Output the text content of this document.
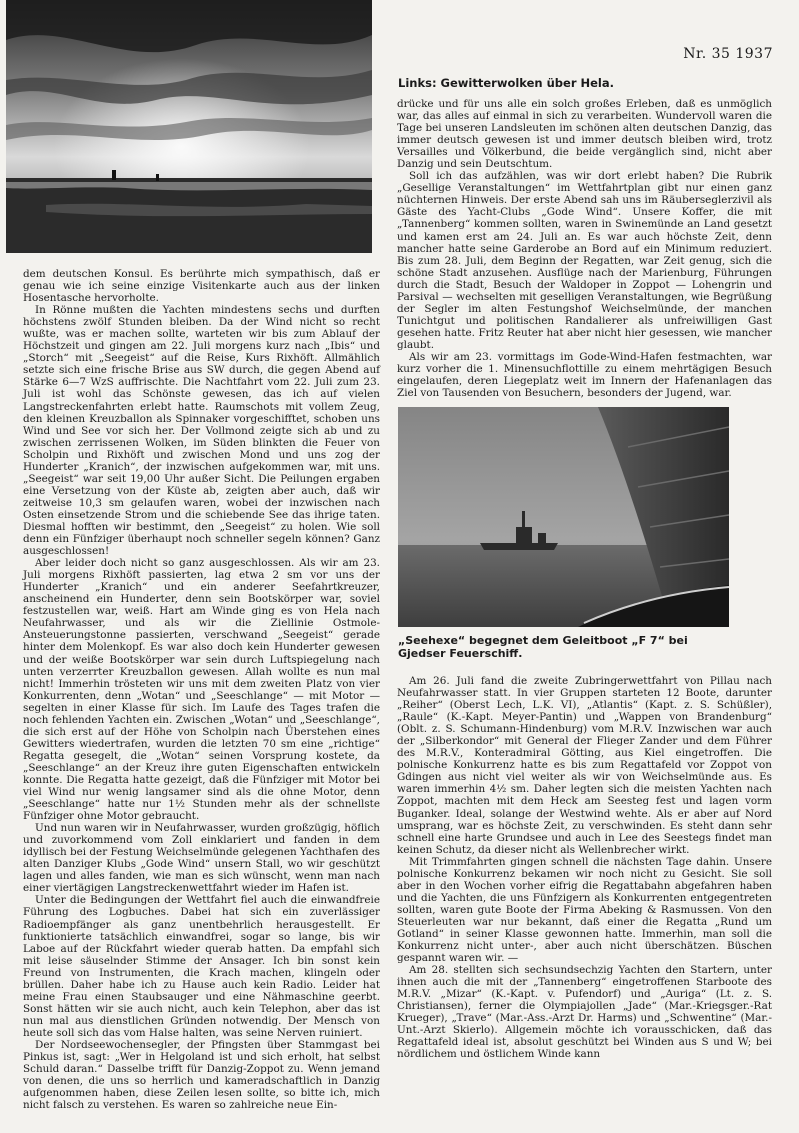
Nr. 35 1937
Links: Gewitterwolken über Hela.

drücke und für uns alle ein solch großes Erleben, daß es unmöglich war, das alles auf einmal in sich zu verarbeiten. Wundervoll waren die Tage bei unseren Landsleuten im schönen alten deutschen Danzig, das immer deutsch gewesen ist und immer deutsch bleiben wird, trotz Versailles und Völkerbund, die beide vergänglich sind, nicht aber Danzig und sein Deutschtum.

Soll ich das aufzählen, was wir dort erlebt haben? Die Rubrik „Gesellige Veranstaltungen“ im Wettfahrtplan gibt nur einen ganz nüchternen Hinweis. Der erste Abend sah uns im Räuberseglerzivil als Gäste des Yacht-Clubs „Gode Wind“. Unsere Koffer, die mit „Tannenberg“ kommen sollten, waren in Swinemünde an Land gesetzt und kamen erst am 24. Juli an. Es war auch höchste Zeit, denn mancher hatte seine Garderobe an Bord auf ein Minimum reduziert. Bis zum 28. Juli, dem Beginn der Regatten, war Zeit genug, sich die schöne Stadt anzusehen. Ausflüge nach der Marienburg, Führungen durch die Stadt, Besuch der Waldoper in Zoppot — Lohengrin und Parsival — wechselten mit geselligen Veranstaltungen, wie Begrüßung der Segler im alten Festungshof Weichselmünde, der manchen Tunichtgut und politischen Randalierer als unfreiwilligen Gast gesehen hatte. Fritz Reuter hat aber nicht hier gesessen, wie mancher glaubt.

Als wir am 23. vormittags im Gode-Wind-Hafen festmachten, war kurz vorher die 1. Minensuchflottille zu einem mehrtägigen Besuch eingelaufen, deren Liegeplatz weit im Innern der Hafenanlagen das Ziel von Tausenden von Besuchern, besonders der Jugend, war.

dem deutschen Konsul. Es berührte mich sympathisch, daß er genau wie ich seine einzige Visitenkarte auch aus der linken Hosentasche hervorholte.

In Rönne mußten die Yachten mindestens sechs und durften höchstens zwölf Stunden bleiben. Da der Wind nicht so recht wußte, was er machen sollte, warteten wir bis zum Ablauf der Höchstzeit und gingen am 22. Juli morgens kurz nach „Ibis“ und „Storch“ mit „Seegeist“ auf die Reise, Kurs Rixhöft. Allmählich setzte sich eine frische Brise aus SW durch, die gegen Abend auf Stärke 6—7 WzS auffrischte. Die Nachtfahrt vom 22. Juli zum 23. Juli ist wohl das Schönste gewesen, das ich auf vielen Langstreckenfahrten erlebt hatte. Raumschots mit vollem Zeug, den kleinen Kreuzballon als Spinnaker vorgeschifftet, schoben uns Wind und See vor sich her. Der Vollmond zeigte sich ab und zu zwischen zerrissenen Wolken, im Süden blinkten die Feuer von Scholpin und Rixhöft und zwischen Mond und uns zog der Hunderter „Kranich“, der inzwischen aufgekommen war, mit uns. „Seegeist“ war seit 19,00 Uhr außer Sicht. Die Peilungen ergaben eine Versetzung von der Küste ab, zeigten aber auch, daß wir zeitweise 10,3 sm gelaufen waren, wobei der inzwischen nach Osten einsetzende Strom und die schiebende See das ihrige taten. Diesmal hofften wir bestimmt, den „Seegeist“ zu holen. Wie soll denn ein Fünfziger überhaupt noch schneller segeln können? Ganz ausgeschlossen!

Aber leider doch nicht so ganz ausgeschlossen. Als wir am 23. Juli morgens Rixhöft passierten, lag etwa 2 sm vor uns der Hunderter „Kranich“ und ein anderer Seefahrtkreuzer, anscheinend ein Hunderter, denn sein Bootskörper war, soviel festzustellen war, weiß. Hart am Winde ging es von Hela nach Neufahrwasser, und als wir die Ziellinie Ostmole-Ansteuerungstonne passierten, verschwand „Seegeist“ gerade hinter dem Molenkopf. Es war also doch kein Hunderter gewesen und der weiße Bootskörper war sein durch Luftspiegelung nach unten verzerrter Kreuzballon gewesen. Allah wollte es nun mal nicht! Immerhin trösteten wir uns mit dem zweiten Platz von vier Konkurrenten, denn „Wotan“ und „Seeschlange“ — mit Motor — segelten in einer Klasse für sich. Im Laufe des Tages trafen die noch fehlenden Yachten ein. Zwischen „Wotan“ und „Seeschlange“, die sich erst auf der Höhe von Scholpin nach Überstehen eines Gewitters wiedertrafen, wurden die letzten 70 sm eine „richtige“ Regatta gesegelt, die „Wotan“ seinen Vorsprung kostete, da „Seeschlange“ an der Kreuz ihre guten Eigenschaften entwickeln konnte. Die Regatta hatte gezeigt, daß die Fünfziger mit Motor bei viel Wind nur wenig langsamer sind als die ohne Motor, denn „Seeschlange“ hatte nur 1½ Stunden mehr als der schnellste Fünfziger ohne Motor gebraucht.

Und nun waren wir in Neufahrwasser, wurden großzügig, höflich und zuvorkommend vom Zoll einklariert und fanden in dem idyllisch bei der Festung Weichselmünde gelegenen Yachthafen des alten Danziger Klubs „Gode Wind“ unsern Stall, wo wir geschützt lagen und alles fanden, wie man es sich wünscht, wenn man nach einer viertägigen Langstreckenwettfahrt wieder im Hafen ist.

Unter die Bedingungen der Wettfahrt fiel auch die einwandfreie Führung des Logbuches. Dabei hat sich ein zuverlässiger Radioempfänger als ganz unentbehrlich herausgestellt. Er funktionierte tatsächlich einwandfrei, sogar so lange, bis wir Laboe auf der Rückfahrt wieder querab hatten. Da empfahl sich mit leise säuselnder Stimme der Ansager. Ich bin sonst kein Freund von Instrumenten, die Krach machen, klingeln oder brüllen. Daher habe ich zu Hause auch kein Radio. Leider hat meine Frau einen Staubsauger und eine Nähmaschine geerbt. Sonst hätten wir sie auch nicht, auch kein Telephon, aber das ist nun mal aus dienstlichen Gründen notwendig. Der Mensch von heute soll sich das vom Halse halten, was seine Nerven ruiniert.

Der Nordseewochensegler, der Pfingsten über Stammgast bei Pinkus ist, sagt: „Wer in Helgoland ist und sich erholt, hat selbst Schuld daran.“ Dasselbe trifft für Danzig-Zoppot zu. Wenn jemand von denen, die uns so herrlich und kameradschaftlich in Danzig aufgenommen haben, diese Zeilen lesen sollte, so bitte ich, mich nicht falsch zu verstehen. Es waren so zahlreiche neue Ein-

„Seehexe“ begegnet dem Geleitboot „F 7“ bei Gjedser Feuerschiff.

Am 26. Juli fand die zweite Zubringerwettfahrt von Pillau nach Neufahrwasser statt. In vier Gruppen starteten 12 Boote, darunter „Reiher“ (Oberst Lech, L.K. VI), „Atlantis“ (Kapt. z. S. Schüßler), „Raule“ (K.-Kapt. Meyer-Pantin) und „Wappen von Brandenburg“ (Oblt. z. S. Schumann-Hindenburg) vom M.R.V. Inzwischen war auch der „Silberkondor“ mit General der Flieger Zander und dem Führer des M.R.V., Konteradmiral Götting, aus Kiel eingetroffen. Die polnische Konkurrenz hatte es bis zum Regattafeld vor Zoppot von Gdingen aus nicht viel weiter als wir von Weichselmünde aus. Es waren immerhin 4½ sm. Daher legten sich die meisten Yachten nach Zoppot, machten mit dem Heck am Seesteg fest und lagen vorm Buganker. Ideal, solange der Westwind wehte. Als er aber auf Nord umsprang, war es höchste Zeit, zu verschwinden. Es steht dann sehr schnell eine harte Grundsee und auch in Lee des Seestegs findet man keinen Schutz, da dieser nicht als Wellenbrecher wirkt.

Mit Trimmfahrten gingen schnell die nächsten Tage dahin. Unsere polnische Konkurrenz bekamen wir noch nicht zu Gesicht. Sie soll aber in den Wochen vorher eifrig die Regattabahn abgefahren haben und die Yachten, die uns Fünfzigern als Konkurrenten entgegentreten sollten, waren gute Boote der Firma Abeking & Rasmussen. Von den Steuerleuten war nur bekannt, daß einer die Regatta „Rund um Gotland“ in seiner Klasse gewonnen hatte. Immerhin, man soll die Konkurrenz nicht unter-, aber auch nicht überschätzen. Büschen gespannt waren wir. —

Am 28. stellten sich sechsundsechzig Yachten den Startern, unter ihnen auch die mit der „Tannenberg“ eingetroffenen Starboote des M.R.V. „Mizar“ (K.-Kapt. v. Pufendorf) und „Auriga“ (Lt. z. S. Christiansen), ferner die Olympiajollen „Jade“ (Mar.-Kriegsger.-Rat Krueger), „Trave“ (Mar.-Ass.-Arzt Dr. Harms) und „Schwentine“ (Mar.-Unt.-Arzt Skierlo). Allgemein möchte ich vorausschicken, daß das Regattafeld ideal ist, absolut geschützt bei Winden aus S und W; bei nördlichem und östlichem Winde kann
